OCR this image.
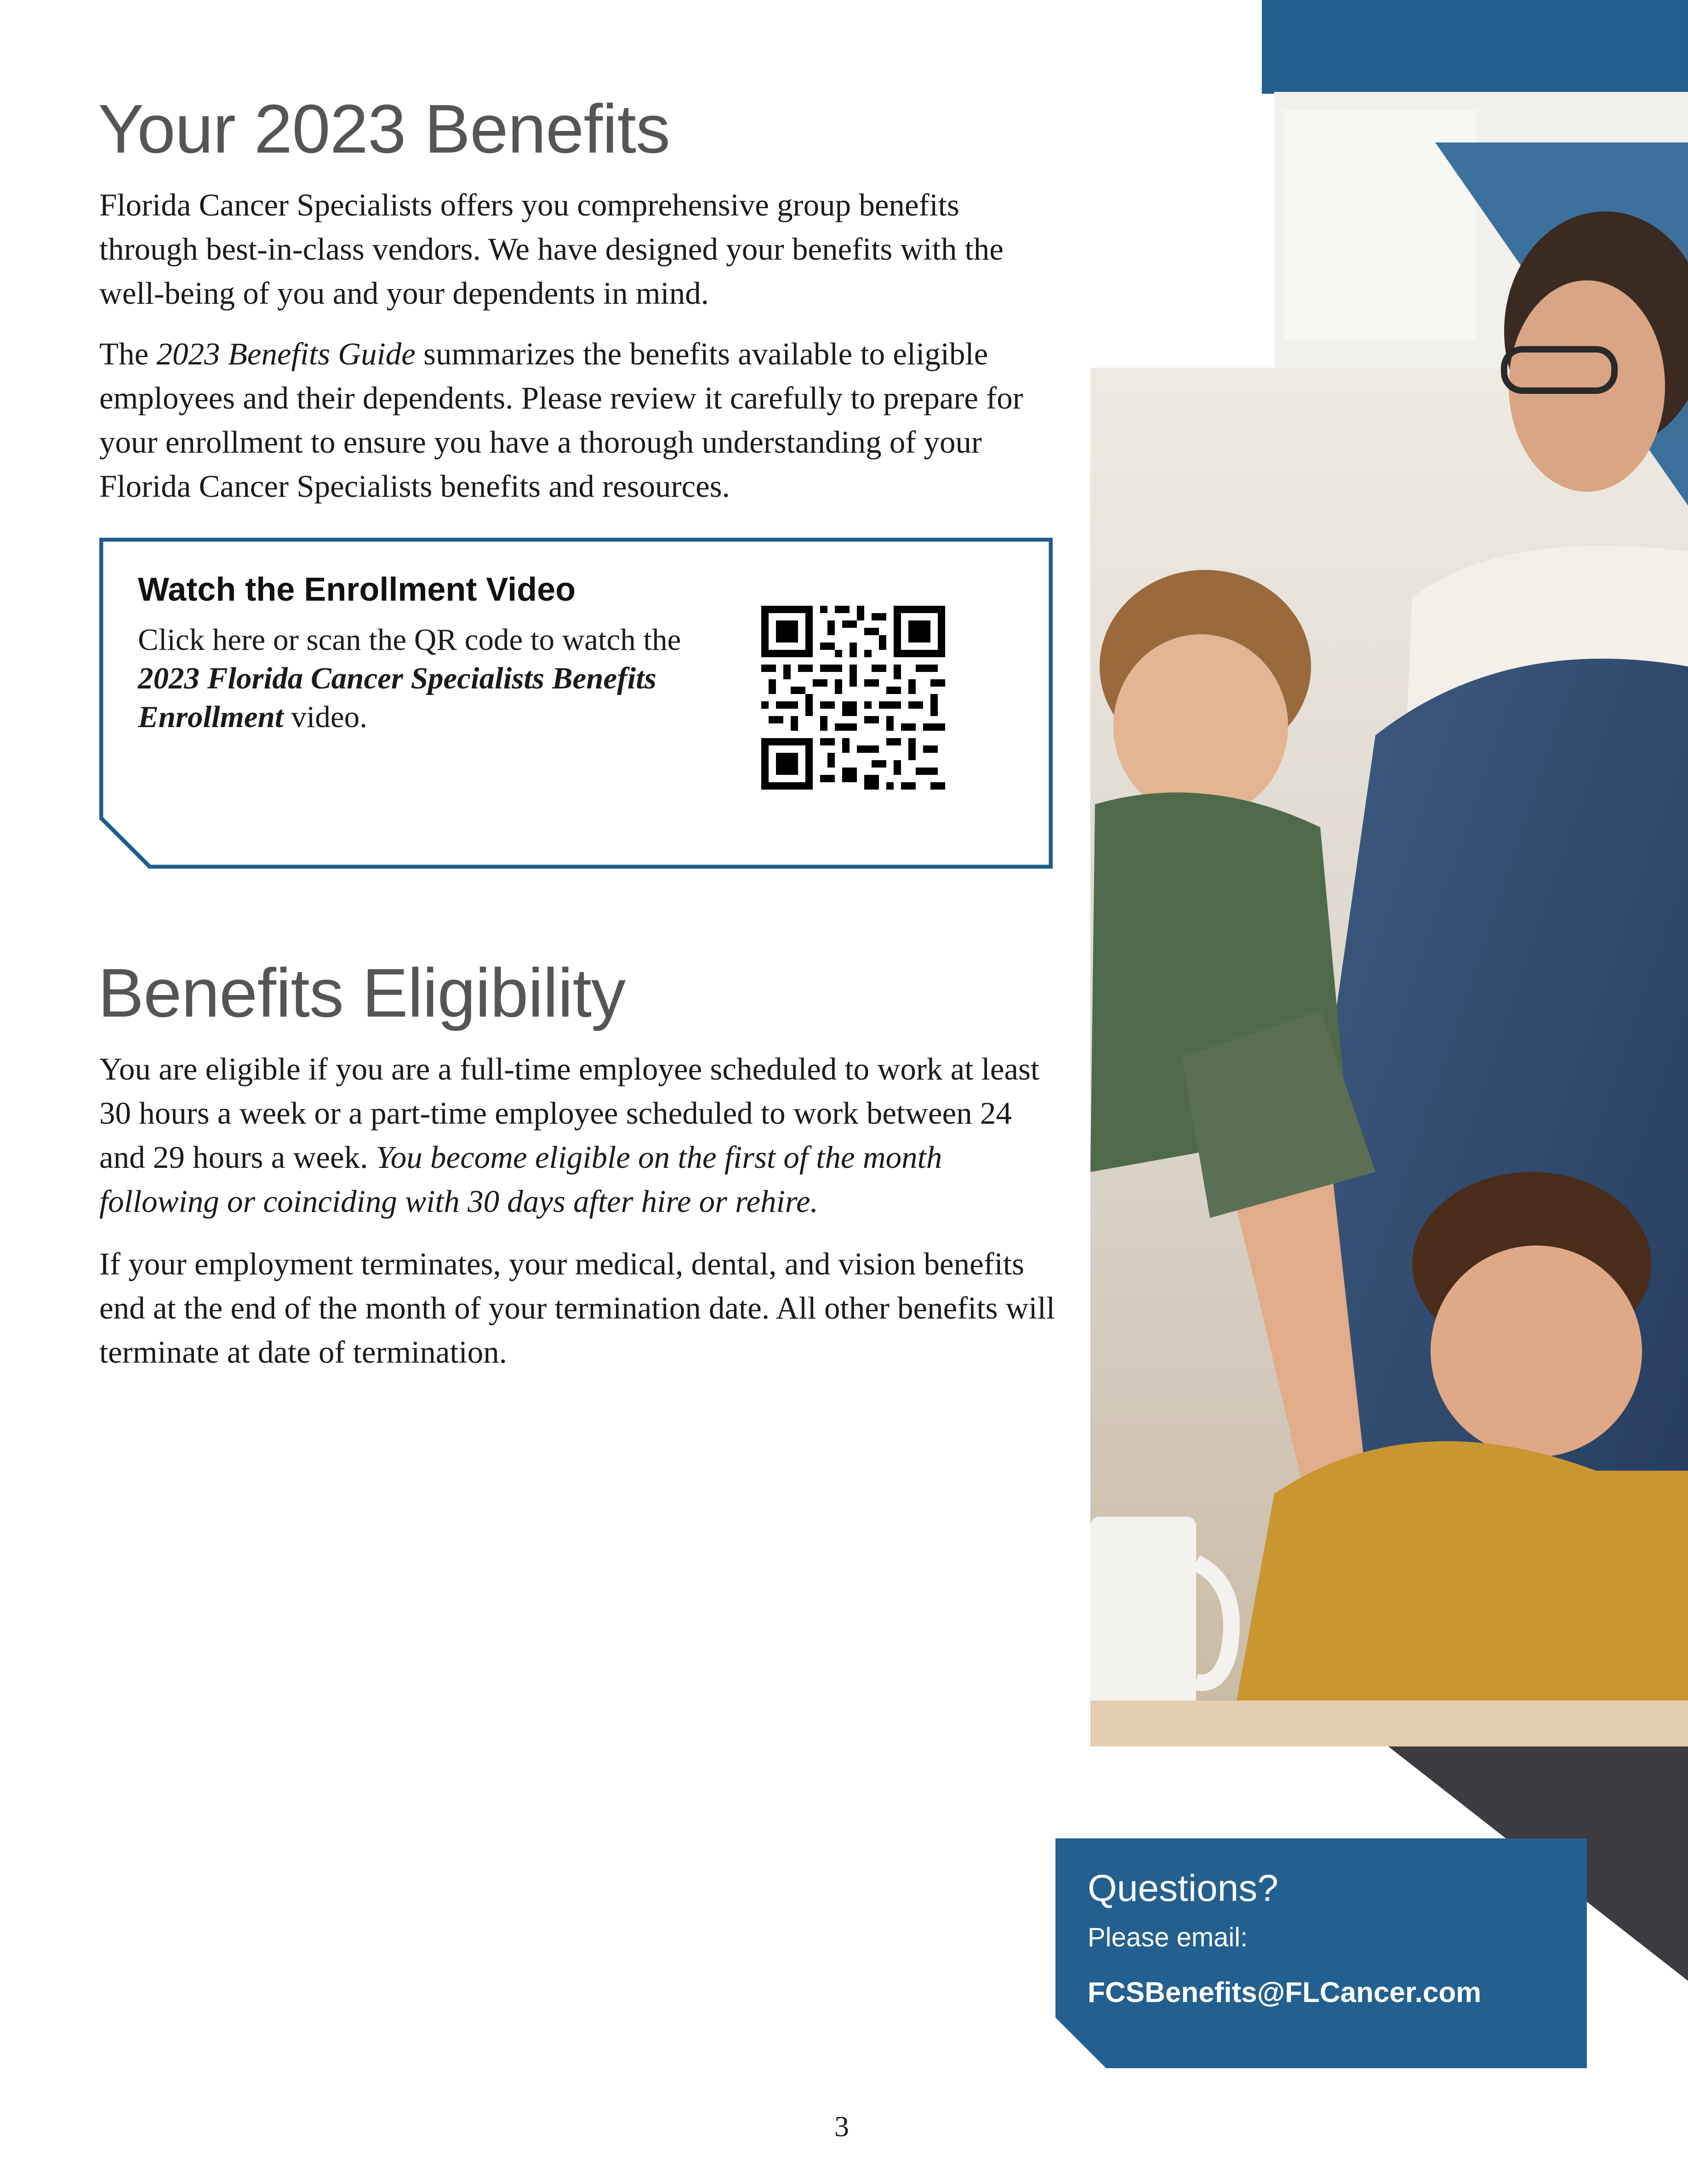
Your 2023 Benefits

Florida Cancer Specialists offers you comprehensive group benefits through best-in-class vendors. We have designed your benefits with the well-being of you and your dependents in mind.

The 2023 Benefits Guide summarizes the benefits available to eligible employees and their dependents. Please review it carefully to prepare for your enrollment to ensure you have a thorough understanding of your Florida Cancer Specialists benefits and resources.

Watch the Enrollment Video

Click here or scan the QR code to watch the 2023 Florida Cancer Specialists Benefits Enrollment video.

Benefits Eligibility

You are eligible if you are a full-time employee scheduled to work at least 30 hours a week or a part-time employee scheduled to work between 24 and 29 hours a week. You become eligible on the first of the month following or coinciding with 30 days after hire or rehire.

If your employment terminates, your medical, dental, and vision benefits end at the end of the month of your termination date. All other benefits will terminate at date of termination.

Questions?

Please email:

FCSBenefits@FLCancer.com

3
